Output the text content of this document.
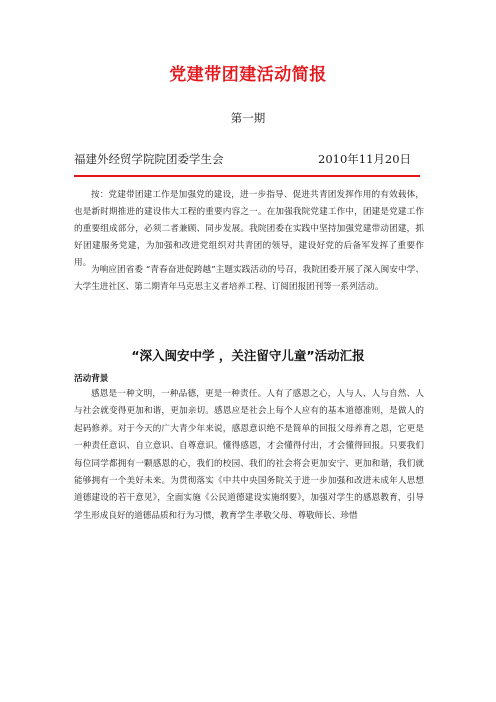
党建带团建活动简报
第一期
福建外经贸学院院团委学生会	2010年11月20日

按：党建带团建工作是加强党的建设，进一步指导、促进共青团发挥作用的有效载体，也是新时期推进的建设伟大工程的重要内容之一。在加强我院党建工作中，团建是党建工作的重要组成部分，必须二者兼顾、同步发展。我院团委在实践中坚持加强党建带动团建，抓好团建服务党建，为加强和改进党组织对共青团的领导，建设好党的后备军发挥了重要作用。

为响应团省委 “青春奋进促跨越”主题实践活动的号召，我院团委开展了深入闽安中学、大学生进社区、第二期青年马克思主义者培养工程、订阅团报团刊等一系列活动。

“深入闽安中学 ，关注留守儿童”活动汇报
活动背景

感恩是一种文明，一种品德，更是一种责任。人有了感恩之心，人与人、人与自然、人与社会就变得更加和谐，更加亲切。感恩应是社会上每个人应有的基本道德准则，是做人的起码修养。对于今天的广大青少年来说，感恩意识绝不是简单的回报父母养育之恩，它更是一种责任意识、自立意识、自尊意识。懂得感恩，才会懂得付出，才会懂得回报。只要我们每位同学都拥有一颗感恩的心，我们的校园、我们的社会将会更加安宁、更加和谐，我们就能够拥有一个美好未来。为贯彻落实《中共中央国务院关于进一步加强和改进未成年人思想道德建设的若干意见》，全面实施《公民道德建设实施纲要》，加强对学生的感恩教育，引导学生形成良好的道德品质和行为习惯，教育学生孝敬父母、尊敬师长、珍惜
